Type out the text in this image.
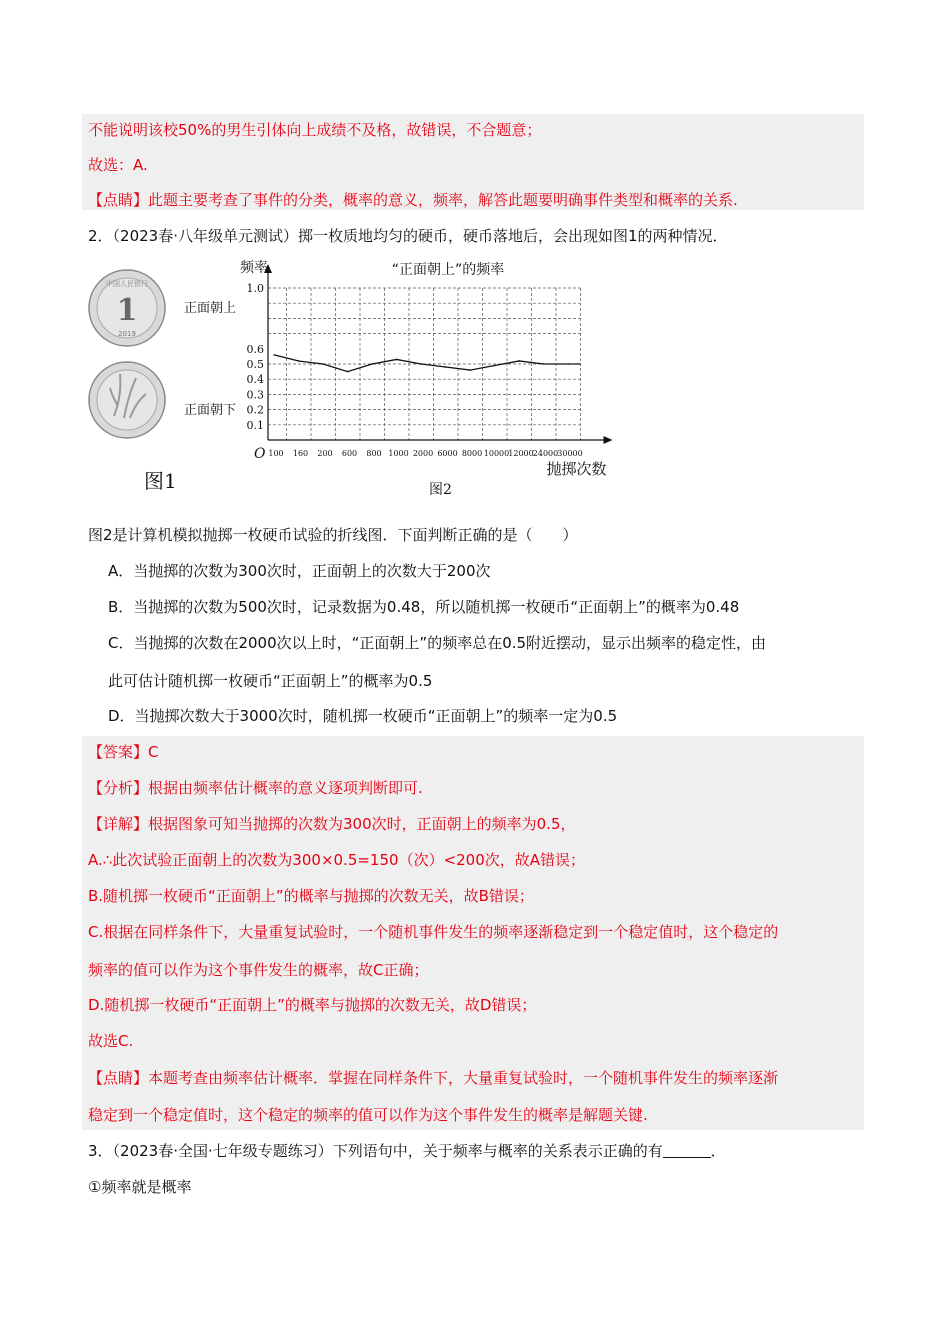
不能说明该校50%的男生引体向上成绩不及格，故错误，不合题意；
故选：A.
【点睛】此题主要考查了事件的分类，概率的意义，频率，解答此题要明确事件类型和概率的关系.
2．（2023春·八年级单元测试）掷一枚质地均匀的硬币，硬币落地后，会出现如图1的两种情况．
1
中国人民银行
2019
正面朝上
正面朝下
图1
0.1
0.2
0.3
0.4
0.5
0.6
1.0
100 160 200 600 800 1000 2000 6000 8000 10000 12000 24000 30000
O
频率
抛掷次数
“正面朝上”的频率
图2
图2是计算机模拟抛掷一枚硬币试验的折线图．下面判断正确的是（　　）
A．当抛掷的次数为300次时，正面朝上的次数大于200次
B．当抛掷的次数为500次时，记录数据为0.48，所以随机掷一枚硬币“正面朝上”的概率为0.48
C．当抛掷的次数在2000次以上时，“正面朝上”的频率总在0.5附近摆动，显示出频率的稳定性，由
此可估计随机掷一枚硬币“正面朝上”的概率为0.5
D．当抛掷次数大于3000次时，随机掷一枚硬币“正面朝上”的频率一定为0.5
【答案】C
【分析】根据由频率估计概率的意义逐项判断即可.
【详解】根据图象可知当抛掷的次数为300次时，正面朝上的频率为0.5，
A.∴此次试验正面朝上的次数为300×0.5=150（次）<200次，故A错误；
B.随机掷一枚硬币“正面朝上”的概率与抛掷的次数无关，故B错误；
C.根据在同样条件下，大量重复试验时，一个随机事件发生的频率逐渐稳定到一个稳定值时，这个稳定的
频率的值可以作为这个事件发生的概率，故C正确；
D.随机掷一枚硬币“正面朝上”的概率与抛掷的次数无关，故D错误；
故选C.
【点睛】本题考查由频率估计概率．掌握在同样条件下，大量重复试验时，一个随机事件发生的频率逐渐
稳定到一个稳定值时，这个稳定的频率的值可以作为这个事件发生的概率是解题关键.
3．（2023春·全国·七年级专题练习）下列语句中，关于频率与概率的关系表示正确的有	．
①频率就是概率
